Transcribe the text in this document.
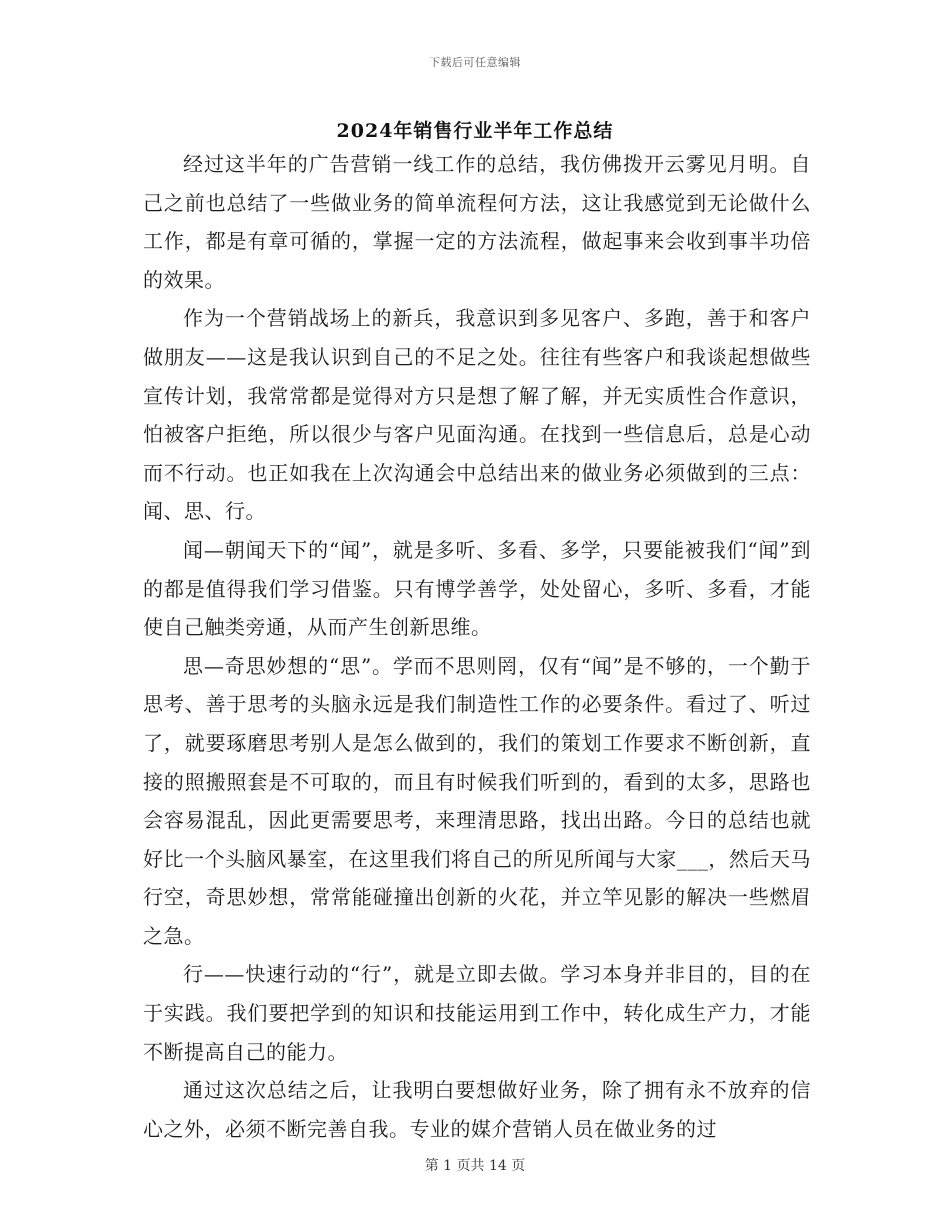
下载后可任意编辑
2024年销售行业半年工作总结

经过这半年的广告营销一线工作的总结，我仿佛拨开云雾见月明。自己之前也总结了一些做业务的简单流程何方法，这让我感觉到无论做什么工作，都是有章可循的，掌握一定的方法流程，做起事来会收到事半功倍的效果。

作为一个营销战场上的新兵，我意识到多见客户、多跑，善于和客户做朋友——这是我认识到自己的不足之处。往往有些客户和我谈起想做些宣传计划，我常常都是觉得对方只是想了解了解，并无实质性合作意识，怕被客户拒绝，所以很少与客户见面沟通。在找到一些信息后，总是心动而不行动。也正如我在上次沟通会中总结出来的做业务必须做到的三点：闻、思、行。

闻—朝闻天下的“闻”，就是多听、多看、多学，只要能被我们“闻”到的都是值得我们学习借鉴。只有博学善学，处处留心，多听、多看，才能使自己触类旁通，从而产生创新思维。

思—奇思妙想的“思”。学而不思则罔，仅有“闻”是不够的，一个勤于思考、善于思考的头脑永远是我们制造性工作的必要条件。看过了、听过了，就要琢磨思考别人是怎么做到的，我们的策划工作要求不断创新，直接的照搬照套是不可取的，而且有时候我们听到的，看到的太多，思路也会容易混乱，因此更需要思考，来理清思路，找出出路。今日的总结也就好比一个头脑风暴室，在这里我们将自己的所见所闻与大家___，然后天马行空，奇思妙想，常常能碰撞出创新的火花，并立竿见影的解决一些燃眉之急。

行——快速行动的“行”，就是立即去做。学习本身并非目的，目的在于实践。我们要把学到的知识和技能运用到工作中，转化成生产力，才能不断提高自己的能力。

通过这次总结之后，让我明白要想做好业务，除了拥有永不放弃的信心之外，必须不断完善自我。专业的媒介营销人员在做业务的过

第 1 页共 14 页
